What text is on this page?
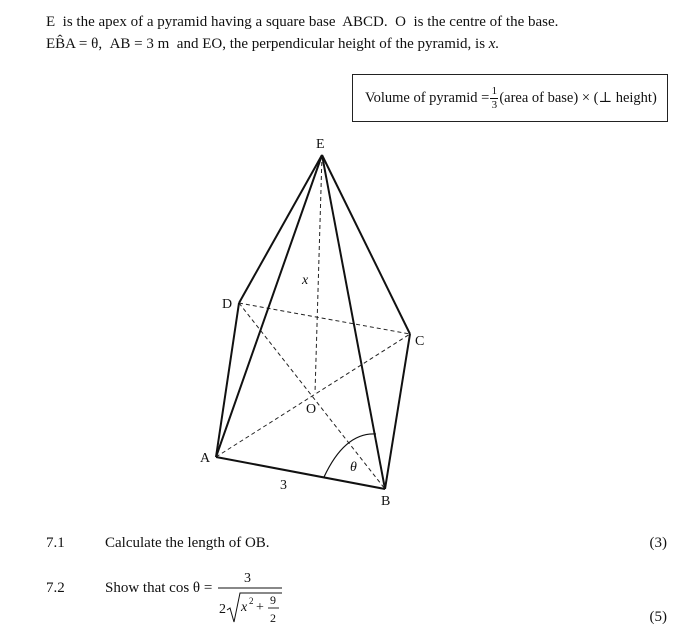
E is the apex of a pyramid having a square base ABCD. O is the centre of the base.
EB̂A = θ, AB = 3 m and EO, the perpendicular height of the pyramid, is x.
Volume of pyramid = $\frac{1}{3}$ (area of base) × (⊥ height)
E
D
C
O
A
B
x
3
θ
7.1	Calculate the length of OB.	(3)
7.2	Show that cos θ =
3
2 x 2 + 9
2	(5)
